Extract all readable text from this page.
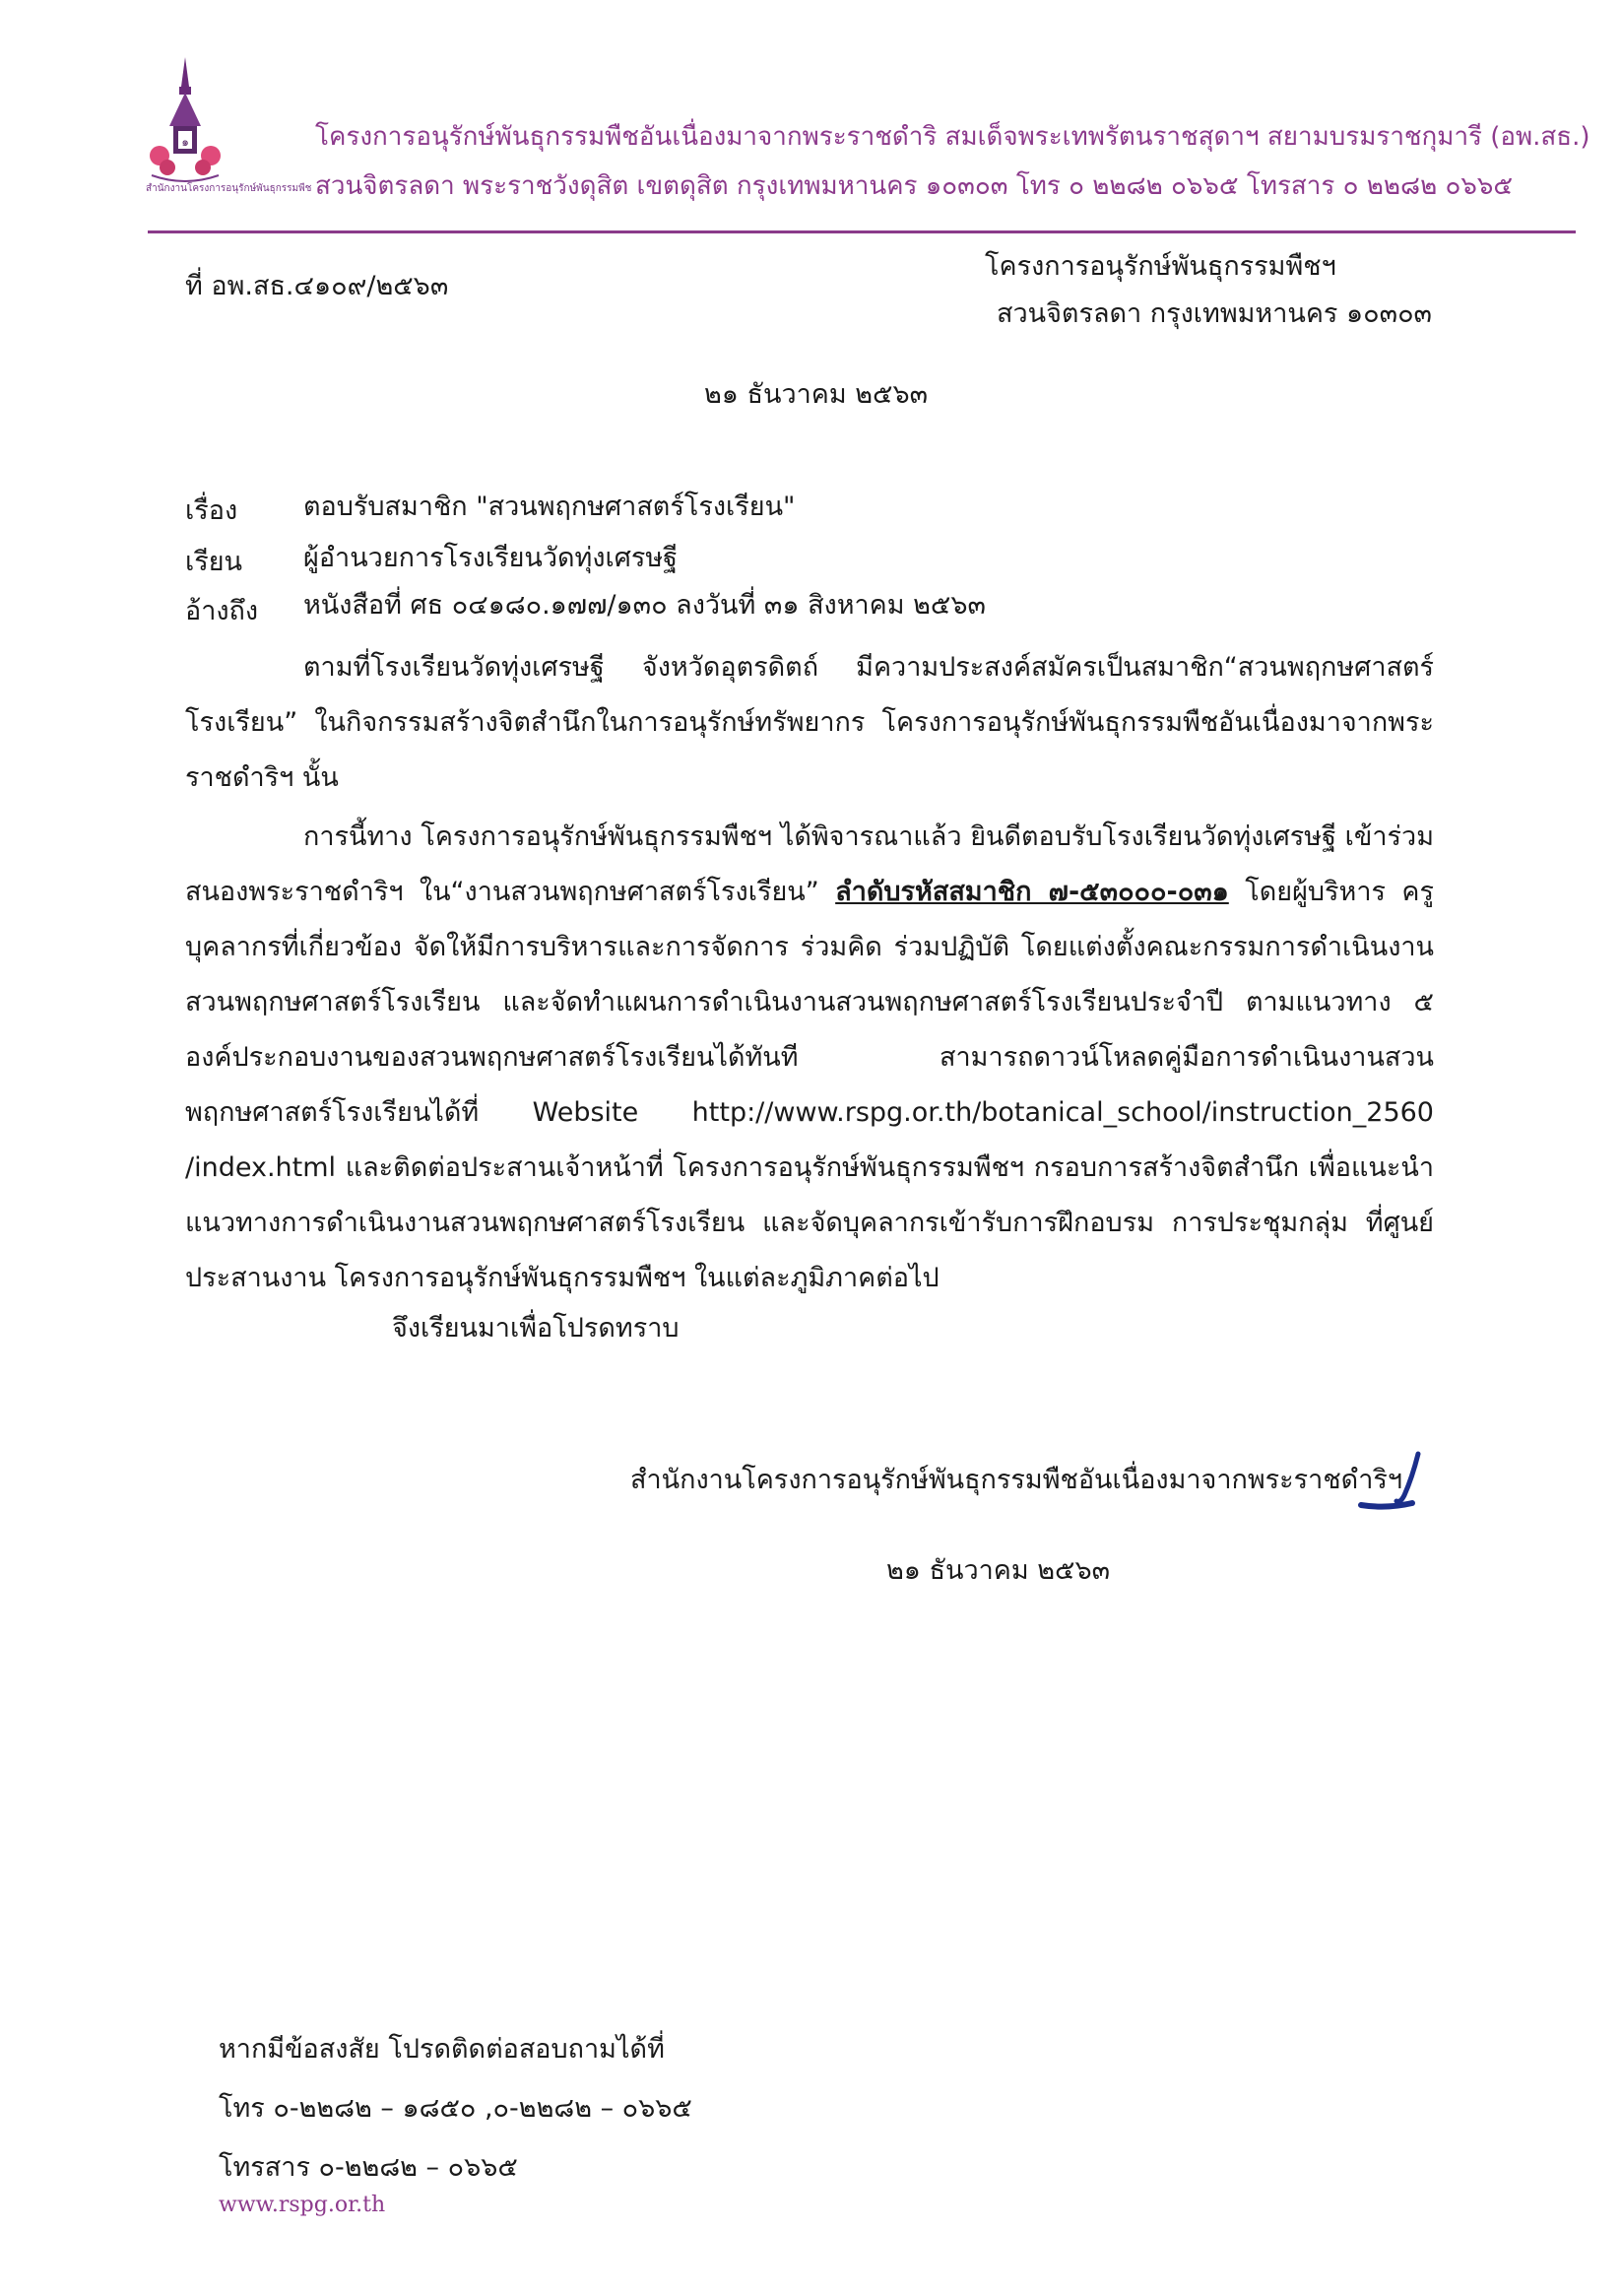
๑
สำนักงานโครงการอนุรักษ์พันธุกรรมพืช
โครงการอนุรักษ์พันธุกรรมพืชอันเนื่องมาจากพระราชดำริ สมเด็จพระเทพรัตนราชสุดาฯ สยามบรมราชกุมารี (อพ.สธ.)
สวนจิตรลดา พระราชวังดุสิต เขตดุสิต กรุงเทพมหานคร ๑๐๓๐๓ โทร ๐ ๒๒๘๒ ๐๖๖๕ โทรสาร ๐ ๒๒๘๒ ๐๖๖๕
ที่ อพ.สธ.๔๑๐๙/๒๕๖๓
โครงการอนุรักษ์พันธุกรรมพืชฯ
สวนจิตรลดา กรุงเทพมหานคร ๑๐๓๐๓
๒๑ ธันวาคม ๒๕๖๓
เรื่อง ตอบรับสมาชิก "สวนพฤกษศาสตร์โรงเรียน"
เรียน ผู้อำนวยการโรงเรียนวัดทุ่งเศรษฐี
อ้างถึง หนังสือที่ ศธ ๐๔๑๘๐.๑๗๗/๑๓๐ ลงวันที่ ๓๑ สิงหาคม ๒๕๖๓
ตามที่โรงเรียนวัดทุ่งเศรษฐี จังหวัดอุตรดิตถ์ มีความประสงค์สมัครเป็นสมาชิก“สวนพฤกษศาสตร์โรงเรียน” ในกิจกรรมสร้างจิตสำนึกในการอนุรักษ์ทรัพยากร โครงการอนุรักษ์พันธุกรรมพืชอันเนื่องมาจากพระราชดำริฯ นั้น
การนี้ทาง โครงการอนุรักษ์พันธุกรรมพืชฯ ได้พิจารณาแล้ว ยินดีตอบรับโรงเรียนวัดทุ่งเศรษฐี เข้าร่วมสนองพระราชดำริฯ ใน“งานสวนพฤกษศาสตร์โรงเรียน” ลำดับรหัสสมาชิก ๗-๕๓๐๐๐-๐๓๑ โดยผู้บริหาร ครู บุคลากรที่เกี่ยวข้อง จัดให้มีการบริหารและการจัดการ ร่วมคิด ร่วมปฏิบัติ โดยแต่งตั้งคณะกรรมการดำเนินงานสวนพฤกษศาสตร์โรงเรียน และจัดทำแผนการดำเนินงานสวนพฤกษศาสตร์โรงเรียนประจำปี ตามแนวทาง ๕ องค์ประกอบงานของสวนพฤกษศาสตร์โรงเรียนได้ทันที สามารถดาวน์โหลดคู่มือการดำเนินงานสวนพฤกษศาสตร์โรงเรียนได้ที่ Website http://www.rspg.or.th/botanical_school/instruction_2560 /index.html และติดต่อประสานเจ้าหน้าที่ โครงการอนุรักษ์พันธุกรรมพืชฯ กรอบการสร้างจิตสำนึก เพื่อแนะนำแนวทางการดำเนินงานสวนพฤกษศาสตร์โรงเรียน และจัดบุคลากรเข้ารับการฝึกอบรม การประชุมกลุ่ม ที่ศูนย์ประสานงาน โครงการอนุรักษ์พันธุกรรมพืชฯ ในแต่ละภูมิภาคต่อไป
จึงเรียนมาเพื่อโปรดทราบ
สำนักงานโครงการอนุรักษ์พันธุกรรมพืชอันเนื่องมาจากพระราชดำริฯ
๒๑ ธันวาคม ๒๕๖๓
หากมีข้อสงสัย โปรดติดต่อสอบถามได้ที่
โทร ๐-๒๒๘๒ – ๑๘๕๐ ,๐-๒๒๘๒ – ๐๖๖๕
โทรสาร ๐-๒๒๘๒ – ๐๖๖๕
www.rspg.or.th
